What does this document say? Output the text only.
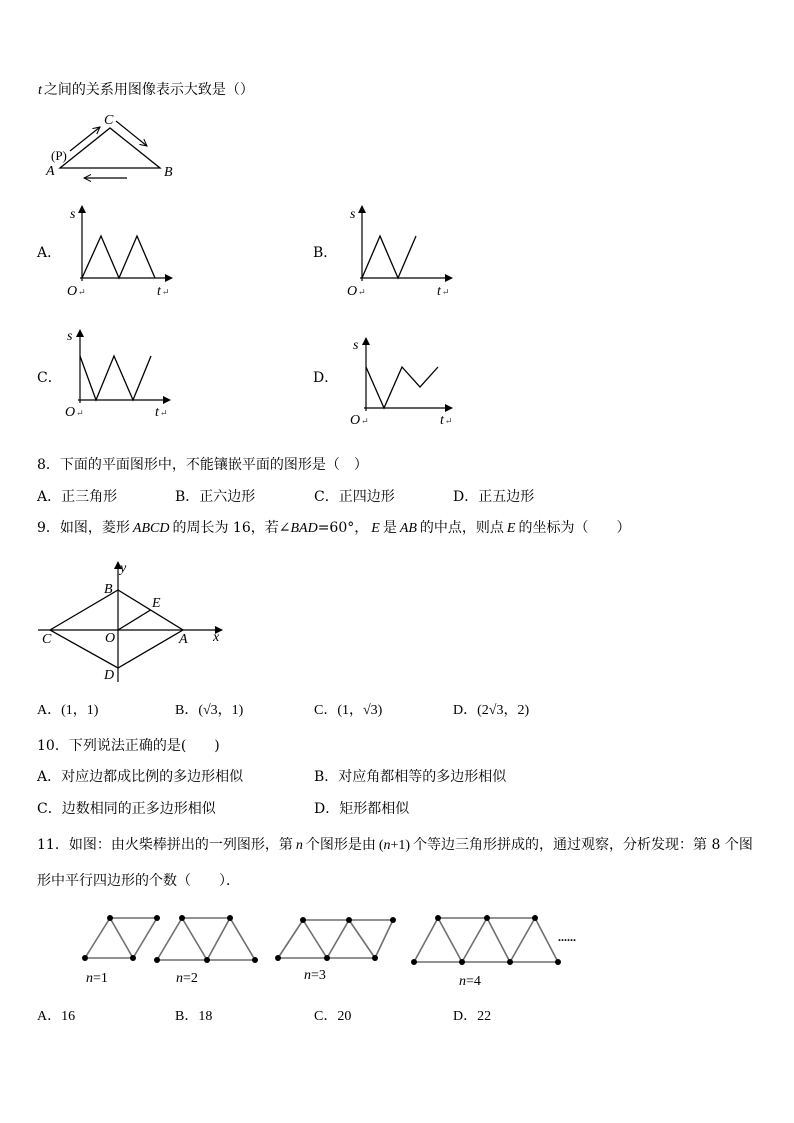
A
C
B
(P)
s
O↵	t↵
s
O↵	t↵
s
O↵	t↵
s
O↵	t↵
y
x
C	A
B
D
O
E
n=1	n=2	n=3	n=4
......
t 之间的关系用图像表示大致是（）
A．	B．
C．	D．
8．下面的平面图形中，不能镶嵌平面的图形是（　）
A．正三角形	B．正六边形	C．正四边形	D．正五边形
9．如图，菱形 ABCD 的周长为 16，若∠BAD=60°， E 是 AB 的中点，则点 E 的坐标为（　　）
A．(1，1)	B．(√3，1)	C．(1，√3)	D．(2√3，2)
10．下列说法正确的是(　　)
A．对应边都成比例的多边形相似	B．对应角都相等的多边形相似
C．边数相同的正多边形相似	D．矩形都相似
11．如图：由火柴棒拼出的一列图形，第 n 个图形是由 (n+1) 个等边三角形拼成的，通过观察，分析发现：第 8 个图
形中平行四边形的个数（　　）．
A．16	B．18	C．20	D．22
